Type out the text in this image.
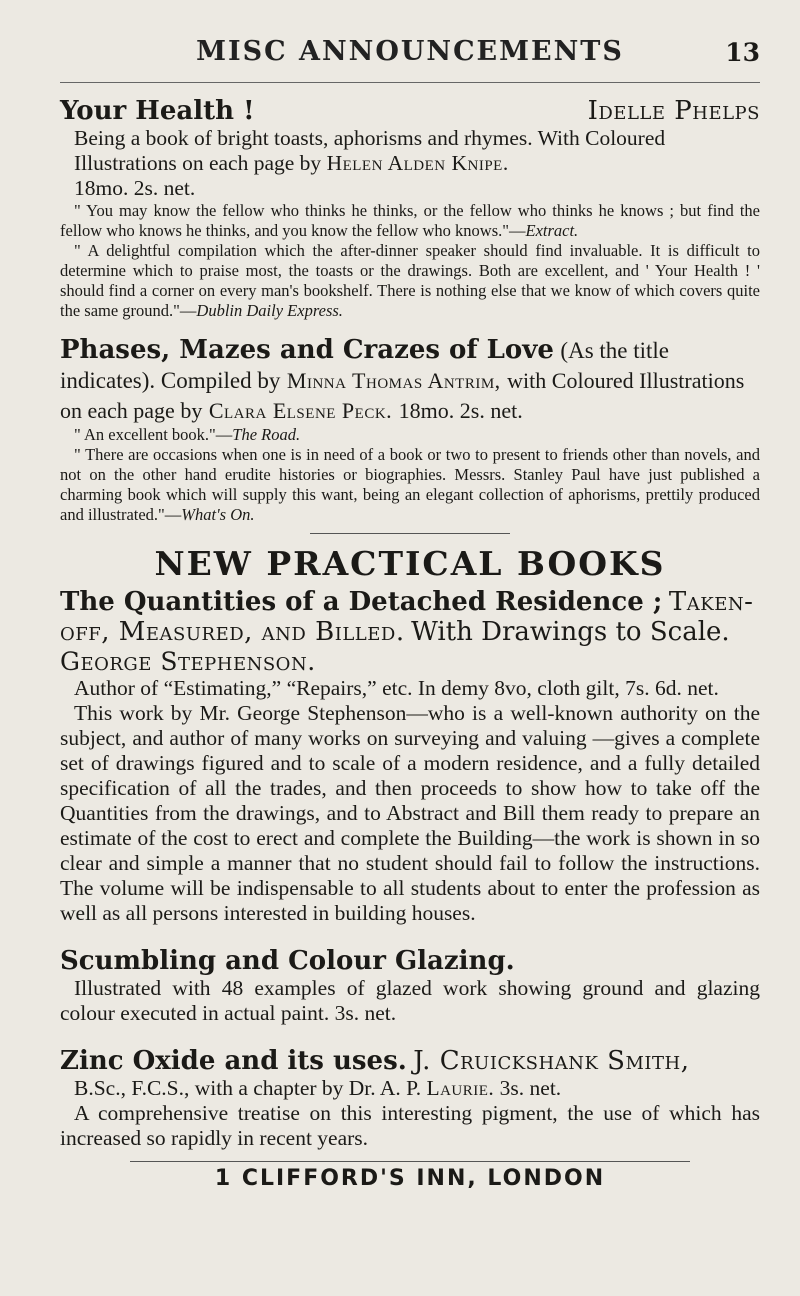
MISC ANNOUNCEMENTS	13
Your Health !	Idelle Phelps

Being a book of bright toasts, aphorisms and rhymes. With Coloured Illustrations on each page by Helen Alden Knipe.

18mo. 2s. net.

" You may know the fellow who thinks he thinks, or the fellow who thinks he knows ; but find the fellow who knows he thinks, and you know the fellow who knows."—Extract.

" A delightful compilation which the after-dinner speaker should find invaluable. It is difficult to determine which to praise most, the toasts or the drawings. Both are excellent, and ' Your Health ! ' should find a corner on every man's bookshelf. There is nothing else that we know of which covers quite the same ground."—Dublin Daily Express.

Phases, Mazes and Crazes of Love (As the title indicates). Compiled by Minna Thomas Antrim, with Coloured Illustrations on each page by Clara Elsene Peck. 18mo. 2s. net.

" An excellent book."—The Road.

" There are occasions when one is in need of a book or two to present to friends other than novels, and not on the other hand erudite histories or biographies. Messrs. Stanley Paul have just published a charming book which will supply this want, being an elegant collection of aphorisms, prettily produced and illustrated."—What's On.

NEW PRACTICAL BOOKS

The Quantities of a Detached Residence ; Taken-off, Measured, and Billed. With Drawings to Scale.

George Stephenson.

Author of “Estimating,” “Repairs,” etc. In demy 8vo, cloth gilt, 7s. 6d. net.

This work by Mr. George Stephenson—who is a well-known authority on the subject, and author of many works on surveying and valuing —gives a complete set of drawings figured and to scale of a modern residence, and a fully detailed specification of all the trades, and then proceeds to show how to take off the Quantities from the drawings, and to Abstract and Bill them ready to prepare an estimate of the cost to erect and complete the Building—the work is shown in so clear and simple a manner that no student should fail to follow the instructions. The volume will be indispensable to all students about to enter the profession as well as all persons interested in building houses.

Scumbling and Colour Glazing.

Illustrated with 48 examples of glazed work showing ground and glazing colour executed in actual paint. 3s. net.

Zinc Oxide and its uses. J. Cruickshank Smith,

B.Sc., F.C.S., with a chapter by Dr. A. P. Laurie. 3s. net.

A comprehensive treatise on this interesting pigment, the use of which has increased so rapidly in recent years.

1 CLIFFORD'S INN, LONDON
